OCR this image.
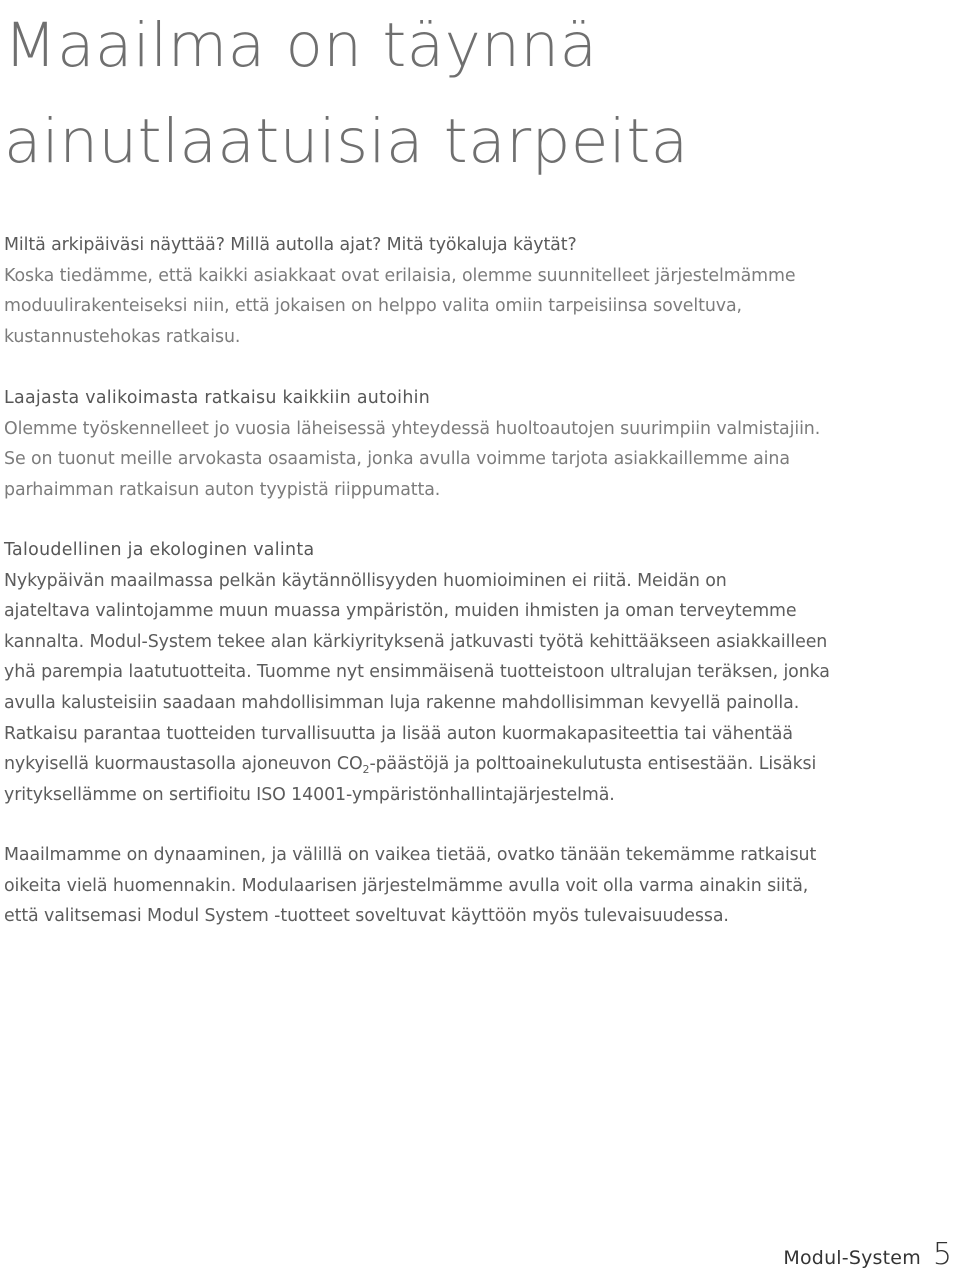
Maailma on täynnä
ainutlaatuisia tarpeita

Miltä arkipäiväsi näyttää? Millä autolla ajat? Mitä työkaluja käytät?
Koska tiedämme, että kaikki asiakkaat ovat erilaisia, olemme suunnitelleet järjestelmämme
moduulirakenteiseksi niin, että jokaisen on helppo valita omiin tarpeisiinsa soveltuva,
kustannustehokas ratkaisu.

Laajasta valikoimasta ratkaisu kaikkiin autoihin
Olemme työskennelleet jo vuosia läheisessä yhteydessä huoltoautojen suurimpiin valmistajiin.
Se on tuonut meille arvokasta osaamista, jonka avulla voimme tarjota asiakkaillemme aina
parhaimman ratkaisun auton tyypistä riippumatta.

Taloudellinen ja ekologinen valinta
Nykypäivän maailmassa pelkän käytännöllisyyden huomioiminen ei riitä. Meidän on
ajateltava valintojamme muun muassa ympäristön, muiden ihmisten ja oman terveytemme
kannalta. Modul-System tekee alan kärkiyrityksenä jatkuvasti työtä kehittääkseen asiakkailleen
yhä parempia laatutuotteita. Tuomme nyt ensimmäisenä tuotteistoon ultralujan teräksen, jonka
avulla kalusteisiin saadaan mahdollisimman luja rakenne mahdollisimman kevyellä painolla.
Ratkaisu parantaa tuotteiden turvallisuutta ja lisää auton kuormakapasiteettia tai vähentää
nykyisellä kuormaustasolla ajoneuvon $CO_2$-päästöjä ja polttoainekulutusta entisestään. Lisäksi
yrityksellämme on sertifioitu ISO 14001-ympäristönhallintajärjestelmä.

Maailmamme on dynaaminen, ja välillä on vaikea tietää, ovatko tänään tekemämme ratkaisut
oikeita vielä huomennakin. Modulaarisen järjestelmämme avulla voit olla varma ainakin siitä,
että valitsemasi Modul System -tuotteet soveltuvat käyttöön myös tulevaisuudessa.

Modul-System 5
